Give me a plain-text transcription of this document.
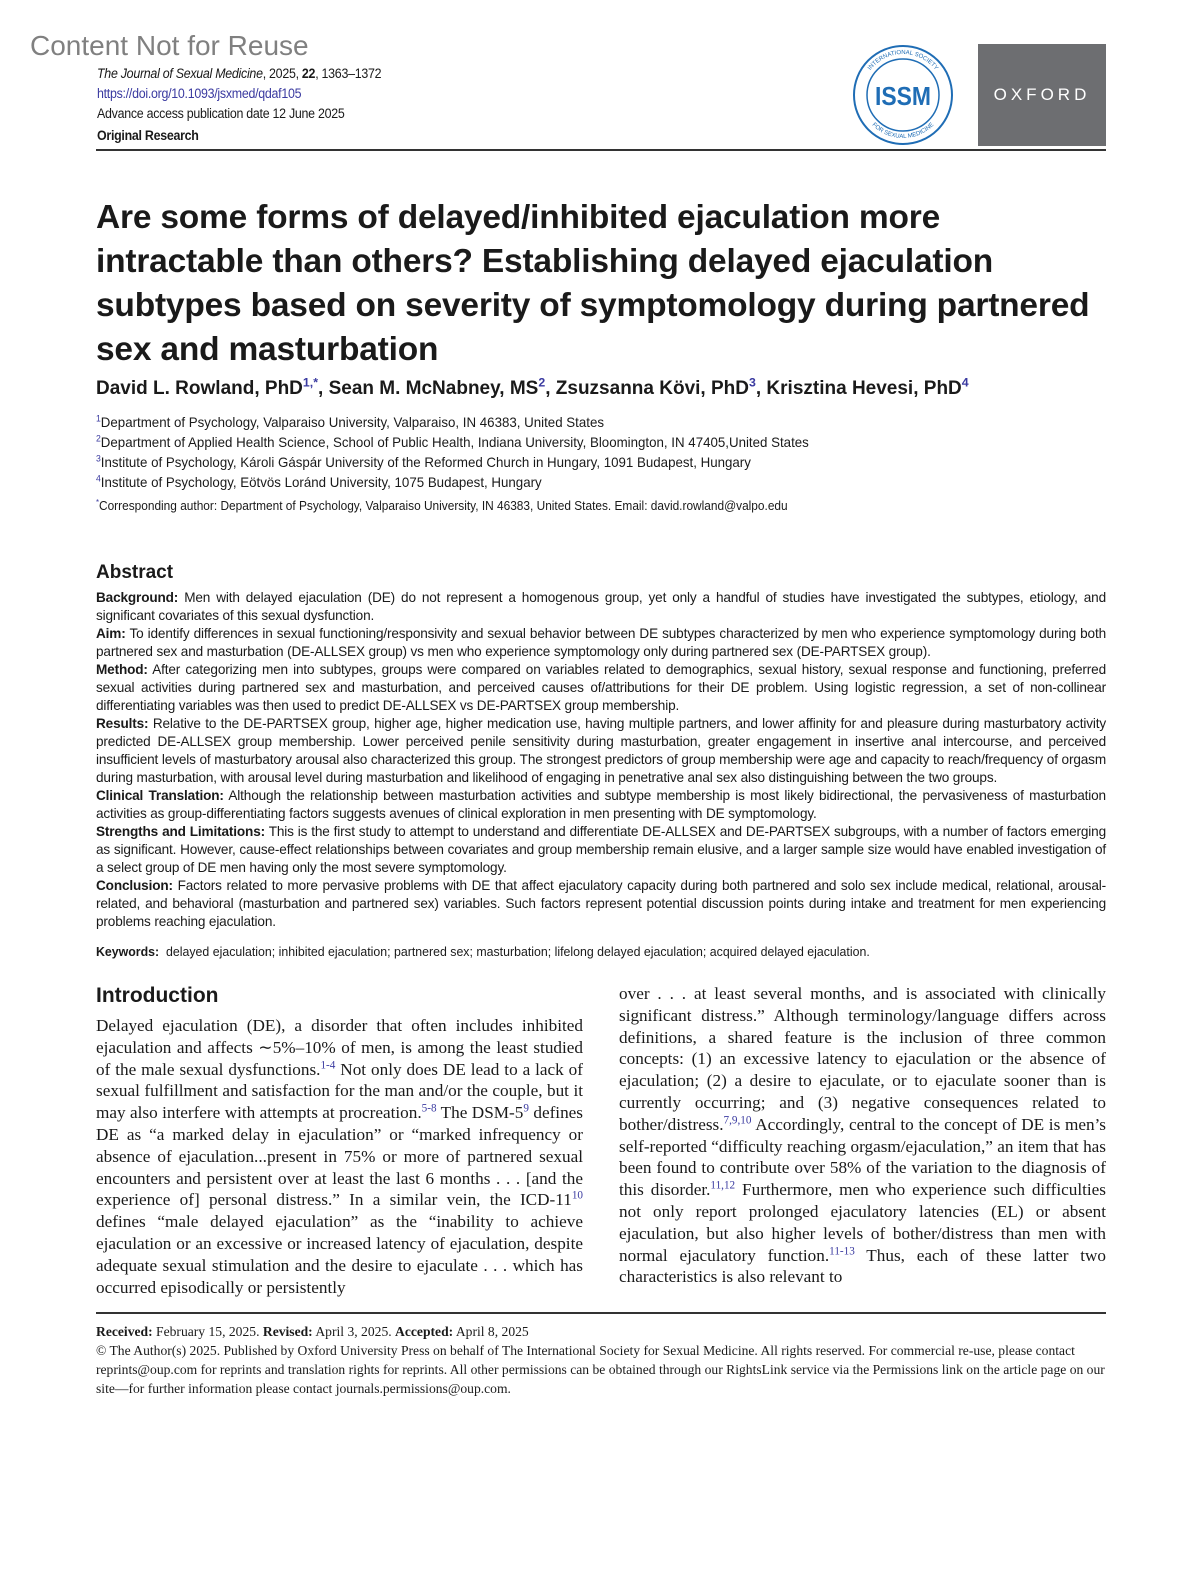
Content Not for Reuse
The Journal of Sexual Medicine, 2025, 22, 1363–1372
https://doi.org/10.1093/jsxmed/qdaf105
Advance access publication date 12 June 2025
Original Research
INTERNATIONAL SOCIETY
FOR SEXUAL MEDICINE
ISSM	OXFORD
Are some forms of delayed/inhibited ejaculation more intractable than others? Establishing delayed ejaculation subtypes based on severity of symptomology during partnered sex and masturbation
David L. Rowland, PhD$^{1,*}$, Sean M. McNabney, $MS^2$, Zsuzsanna Kövi, PhD$^3$, Krisztina Hevesi, PhD$^4$
$^1$Department of Psychology, Valparaiso University, Valparaiso, IN 46383, United States
$^2$Department of Applied Health Science, School of Public Health, Indiana University, Bloomington, IN 47405,United States
$^3$Institute of Psychology, Károli Gáspár University of the Reformed Church in Hungary, 1091 Budapest, Hungary
$^4$Institute of Psychology, Eötvös Loránd University, 1075 Budapest, Hungary
*Corresponding author: Department of Psychology, Valparaiso University, IN 46383, United States. Email: david.rowland@valpo.edu
Abstract
Background: Men with delayed ejaculation (DE) do not represent a homogenous group, yet only a handful of studies have investigated the subtypes, etiology, and significant covariates of this sexual dysfunction.
Aim: To identify differences in sexual functioning/responsivity and sexual behavior between DE subtypes characterized by men who experience symptomology during both partnered sex and masturbation (DE-ALLSEX group) vs men who experience symptomology only during partnered sex (DE-PARTSEX group).
Method: After categorizing men into subtypes, groups were compared on variables related to demographics, sexual history, sexual response and functioning, preferred sexual activities during partnered sex and masturbation, and perceived causes of/attributions for their DE problem. Using logistic regression, a set of non-collinear differentiating variables was then used to predict DE-ALLSEX vs DE-PARTSEX group membership.
Results: Relative to the DE-PARTSEX group, higher age, higher medication use, having multiple partners, and lower affinity for and pleasure during masturbatory activity predicted DE-ALLSEX group membership. Lower perceived penile sensitivity during masturbation, greater engagement in insertive anal intercourse, and perceived insufficient levels of masturbatory arousal also characterized this group. The strongest predictors of group membership were age and capacity to reach/frequency of orgasm during masturbation, with arousal level during masturbation and likelihood of engaging in penetrative anal sex also distinguishing between the two groups.
Clinical Translation: Although the relationship between masturbation activities and subtype membership is most likely bidirectional, the pervasiveness of masturbation activities as group-differentiating factors suggests avenues of clinical exploration in men presenting with DE symptomology.
Strengths and Limitations: This is the first study to attempt to understand and differentiate DE-ALLSEX and DE-PARTSEX subgroups, with a number of factors emerging as significant. However, cause-effect relationships between covariates and group membership remain elusive, and a larger sample size would have enabled investigation of a select group of DE men having only the most severe symptomology.
Conclusion: Factors related to more pervasive problems with DE that affect ejaculatory capacity during both partnered and solo sex include medical, relational, arousal-related, and behavioral (masturbation and partnered sex) variables. Such factors represent potential discussion points during intake and treatment for men experiencing problems reaching ejaculation.
Keywords: delayed ejaculation; inhibited ejaculation; partnered sex; masturbation; lifelong delayed ejaculation; acquired delayed ejaculation.
Introduction
Delayed ejaculation (DE), a disorder that often includes inhibited ejaculation and affects ∼5%–10% of men, is among the least studied of the male sexual dysfunctions.$^{1-4}$ Not only does DE lead to a lack of sexual fulfillment and satisfaction for the man and/or the couple, but it may also interfere with attempts at procreation.$^{5-8}$ The DSM-$5^9$ defines DE as “a marked delay in ejaculation” or “marked infrequency or absence of ejaculation...present in 75% or more of partnered sexual encounters and persistent over at least the last 6 months . . . [and the experience of] personal distress.” In a similar vein, the ICD-$11^{10}$ defines “male delayed ejaculation” as the “inability to achieve ejaculation or an excessive or increased latency of ejaculation, despite adequate sexual stimulation and the desire to ejaculate . . . which has occurred episodically or persistently
over . . . at least several months, and is associated with clinically significant distress.” Although terminology/language differs across definitions, a shared feature is the inclusion of three common concepts: (1) an excessive latency to ejaculation or the absence of ejaculation; (2) a desire to ejaculate, or to ejaculate sooner than is currently occurring; and (3) negative consequences related to bother/distress.$^{7,9,10}$ Accordingly, central to the concept of DE is men’s self-reported “difficulty reaching orgasm/ejaculation,” an item that has been found to contribute over 58% of the variation to the diagnosis of this disorder.$^{11,12}$ Furthermore, men who experience such difficulties not only report prolonged ejaculatory latencies (EL) or absent ejaculation, but also higher levels of bother/distress than men with normal ejaculatory function.$^{11-13}$ Thus, each of these latter two characteristics is also relevant to
Received: February 15, 2025. Revised: April 3, 2025. Accepted: April 8, 2025
© The Author(s) 2025. Published by Oxford University Press on behalf of The International Society for Sexual Medicine. All rights reserved. For commercial re-use, please contact reprints@oup.com for reprints and translation rights for reprints. All other permissions can be obtained through our RightsLink service via the Permissions link on the article page on our site—for further information please contact journals.permissions@oup.com.
